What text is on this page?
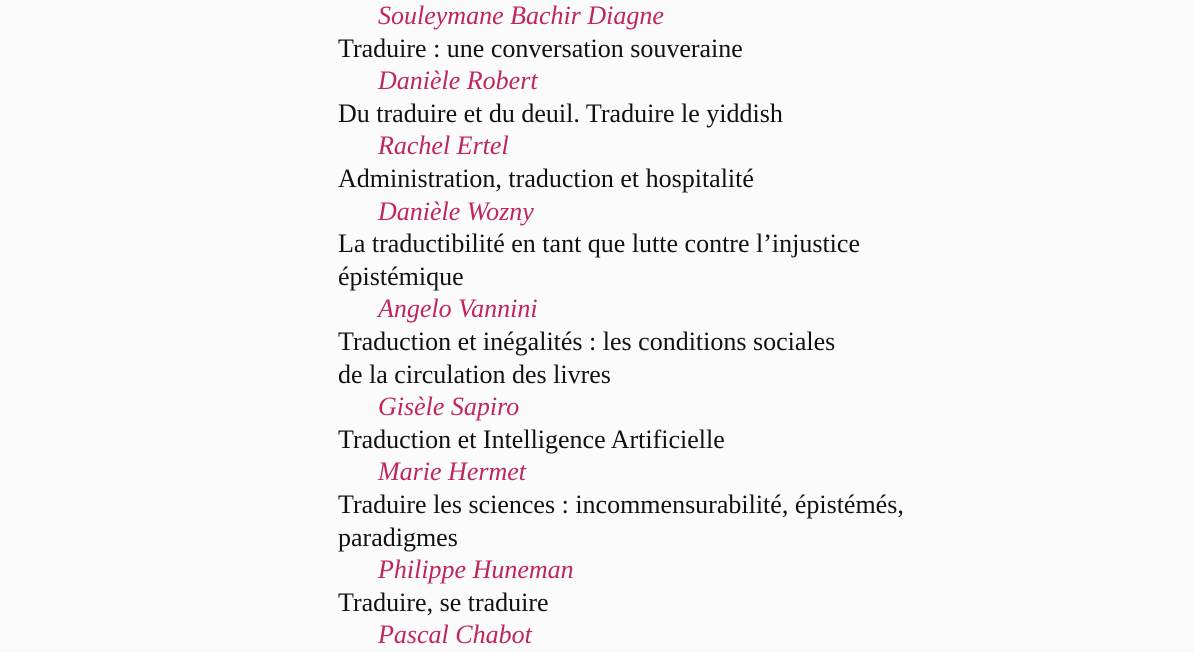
Souleymane Bachir Diagne
Traduire : une conversation souveraine
Danièle Robert
Du traduire et du deuil. Traduire le yiddish
Rachel Ertel
Administration, traduction et hospitalité
Danièle Wozny
La traductibilité en tant que lutte contre l’injustice
épistémique
Angelo Vannini
Traduction et inégalités : les conditions sociales
de la circulation des livres
Gisèle Sapiro
Traduction et Intelligence Artificielle
Marie Hermet
Traduire les sciences : incommensurabilité, épistémés,
paradigmes
Philippe Huneman
Traduire, se traduire
Pascal Chabot
